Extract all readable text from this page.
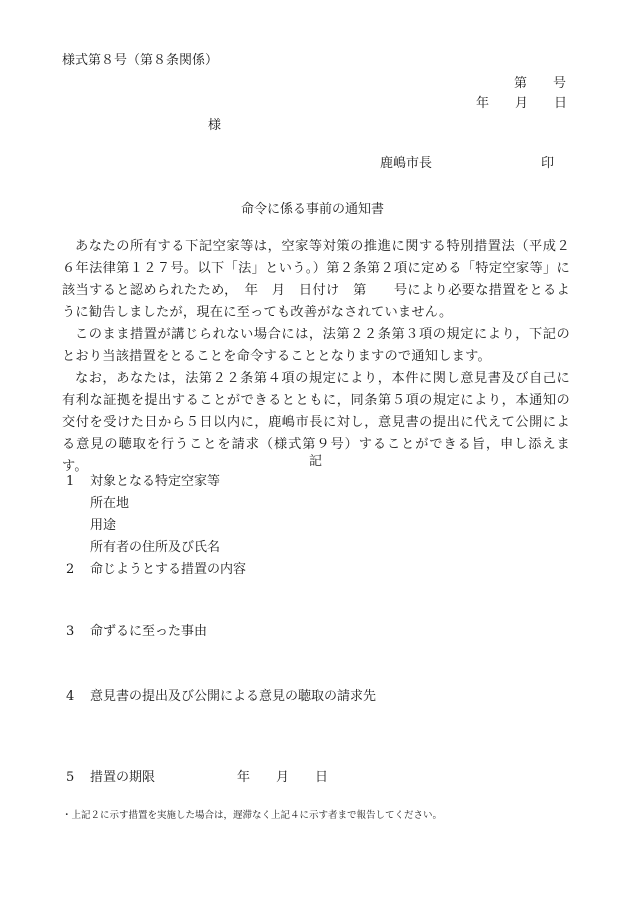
様式第８号（第８条関係）
第　　号
年　　月　　日
様
鹿嶋市長	印
命令に係る事前の通知書

あなたの所有する下記空家等は，空家等対策の推進に関する特別措置法（平成２６年法律第１２７号。以下「法」という。）第２条第２項に定める「特定空家等」に該当すると認められたため，　年　月　日付け　第　　号により必要な措置をとるように勧告しましたが，現在に至っても改善がなされていません。

このまま措置が講じられない場合には，法第２２条第３項の規定により，下記のとおり当該措置をとることを命令することとなりますので通知します。

なお，あなたは，法第２２条第４項の規定により，本件に関し意見書及び自己に有利な証拠を提出することができるとともに，同条第５項の規定により，本通知の交付を受けた日から５日以内に，鹿嶋市長に対し，意見書の提出に代えて公開による意見の聴取を行うことを請求（様式第９号）することができる旨，申し添えます。	記
1 対象となる特定空家等
所在地
用途
所有者の住所及び氏名
2 命じようとする措置の内容
3 命ずるに至った事由
4 意見書の提出及び公開による意見の聴取の請求先
5 措置の期限	年　　月　　日
・上記２に示す措置を実施した場合は，遅滞なく上記４に示す者まで報告してください。
